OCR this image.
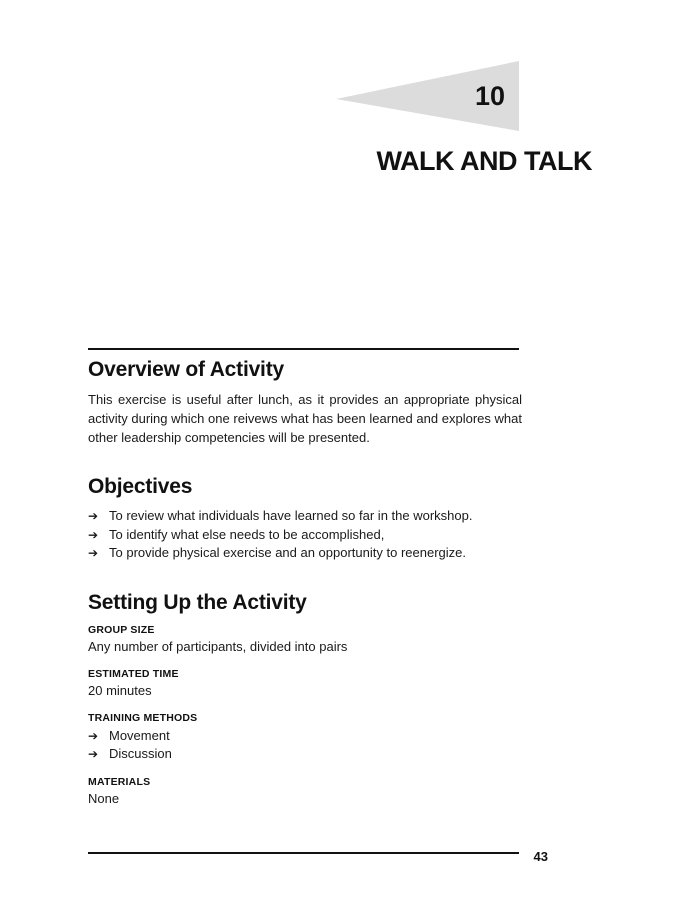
10
WALK AND TALK
Overview of Activity

This exercise is useful after lunch, as it provides an appropriate physical activity during which one reivews what has been learned and explores what other leadership competencies will be presented.

Objectives
➔ To review what individuals have learned so far in the workshop.
➔ To identify what else needs to be accomplished,
➔ To provide physical exercise and an opportunity to reenergize.
Setting Up the Activity

GROUP SIZE

Any number of participants, divided into pairs

ESTIMATED TIME

20 minutes

TRAINING METHODS

➔ Movement
➔ Discussion

MATERIALS

None

43
